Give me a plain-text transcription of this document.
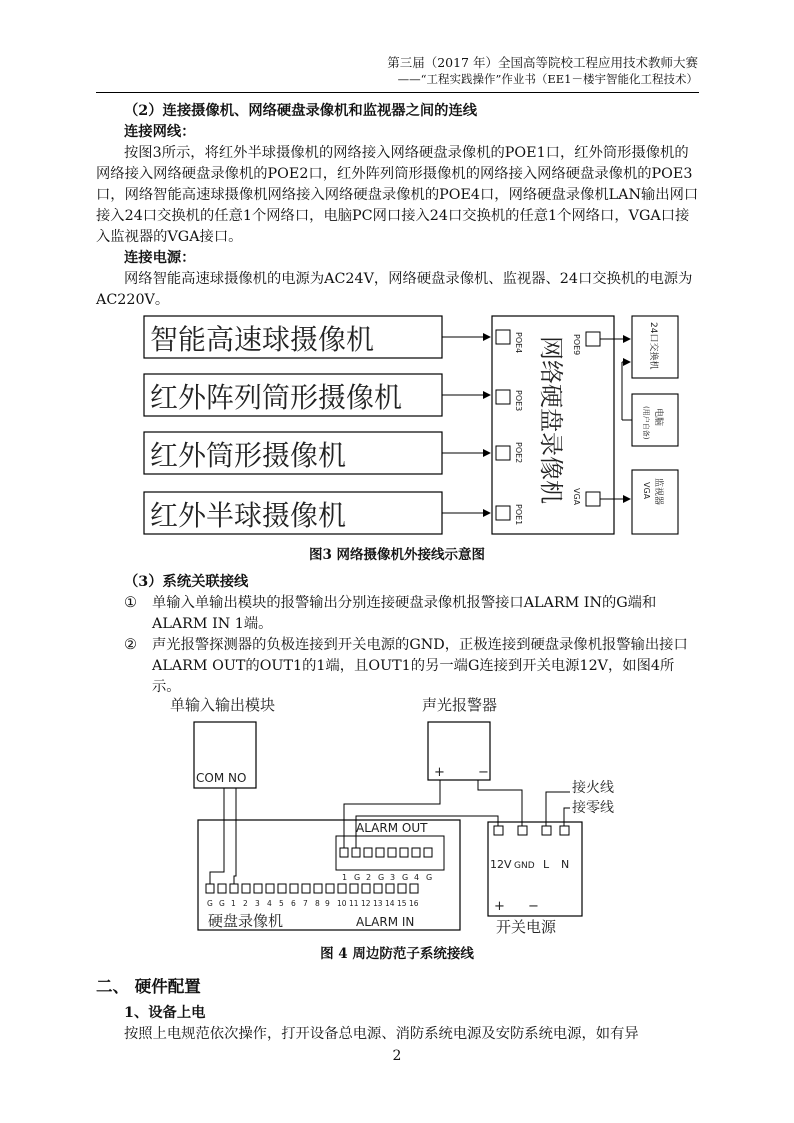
第三届（2017 年）全国高等院校工程应用技术教师大赛
——“工程实践操作”作业书（EE1－楼宇智能化工程技术）
（2）连接摄像机、网络硬盘录像机和监视器之间的连线
连接网线：
按图3所示，将红外半球摄像机的网络接入网络硬盘录像机的POE1口，红外筒形摄像机的网络接入网络硬盘录像机的POE2口，红外阵列筒形摄像机的网络接入网络硬盘录像机的POE3口，网络智能高速球摄像机网络接入网络硬盘录像机的POE4口，网络硬盘录像机LAN输出网口接入24口交换机的任意1个网络口，电脑PC网口接入24口交换机的任意1个网络口，VGA口接入监视器的VGA接口。
连接电源：
网络智能高速球摄像机的电源为AC24V，网络硬盘录像机、监视器、24口交换机的电源为AC220V。
智能高速球摄像机
红外阵列筒形摄像机
红外筒形摄像机
红外半球摄像机
网络硬盘录像机
POE4
POE3
POE2
POE1
POE9
VGA
24口交换机
电脑
(用户自备)
监视器
VGA
图3 网络摄像机外接线示意图
（3）系统关联接线
①	单输入单输出模块的报警输出分别连接硬盘录像机报警接口ALARM IN的G端和ALARM IN 1端。
②	声光报警探测器的负极连接到开关电源的GND，正极连接到硬盘录像机报警输出接口ALARM OUT的OUT1的1端，且OUT1的另一端G连接到开关电源12V，如图4所示。
单输入输出模块
COM NO
声光报警器
+	−
接火线
接零线
ALARM OUT
1 G 2 G 3 G 4 G
G G 1 2 3 4 5 6 7 8 9 10 11 12 13 14 15 16
硬盘录像机	ALARM IN
12V GND L N
+ −
开关电源
图 4 周边防范子系统接线
二、 硬件配置
1、设备上电
按照上电规范依次操作，打开设备总电源、消防系统电源及安防系统电源，如有异
2
